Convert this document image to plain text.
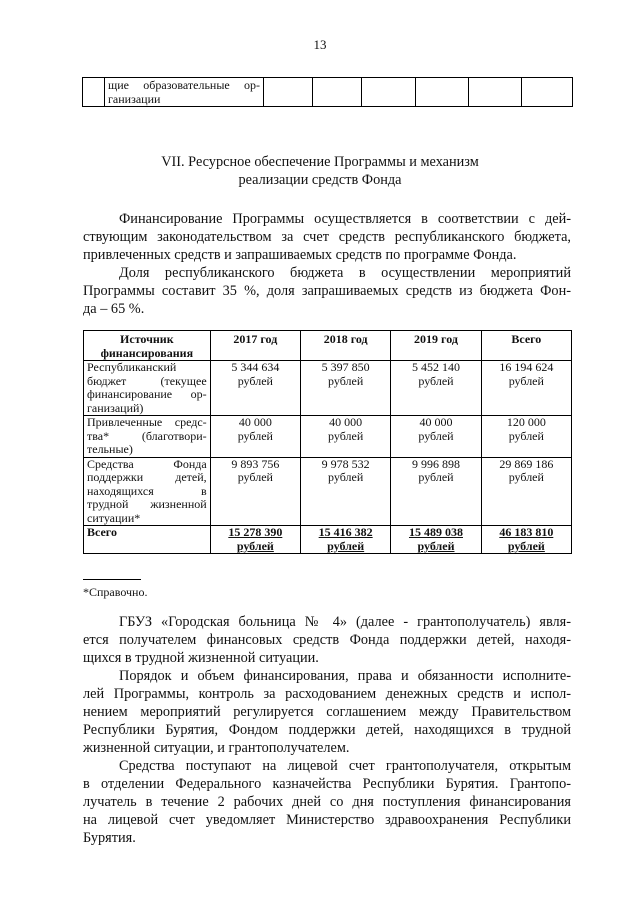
13

щие образовательные ор-
ганизации

VII. Ресурсное обеспечение Программы и механизм
реализации средств Фонда

Финансирование Программы осуществляется в соответствии с дей-
ствующим законодательством за счет средств республиканского бюджета,
привлеченных средств и запрашиваемых средств по программе Фонда.

Доля республиканского бюджета в осуществлении мероприятий
Программы составит 35 %, доля запрашиваемых средств из бюджета Фон-
да – 65 %.

Источник
финансирования	2017 год	2018 год	2019 год	Всего

Республиканский
бюджет (текущее
финансирование ор-
ганизаций)	5 344 634
рублей	5 397 850
рублей	5 452 140
рублей	16 194 624
рублей

Привлеченные средс-
тва* (благотвори-
тельные)	40 000
рублей	40 000
рублей	40 000
рублей	120 000
рублей

Средства Фонда
поддержки детей,
находящихся в
трудной жизненной
ситуации*	9 893 756
рублей	9 978 532
рублей	9 996 898
рублей	29 869 186
рублей

Всего	15 278 390
рублей	15 416 382
рублей	15 489 038
рублей	46 183 810
рублей
*Справочно.

ГБУЗ «Городская больница № 4» (далее - грантополучатель) явля-
ется получателем финансовых средств Фонда поддержки детей, находя-
щихся в трудной жизненной ситуации.

Порядок и объем финансирования, права и обязанности исполните-
лей Программы, контроль за расходованием денежных средств и испол-
нением мероприятий регулируется соглашением между Правительством
Республики Бурятия, Фондом поддержки детей, находящихся в трудной
жизненной ситуации, и грантополучателем.

Средства поступают на лицевой счет грантополучателя, открытым
в отделении Федерального казначейства Республики Бурятия. Грантопо-
лучатель в течение 2 рабочих дней со дня поступления финансирования
на лицевой счет уведомляет Министерство здравоохранения Республики
Бурятия.
